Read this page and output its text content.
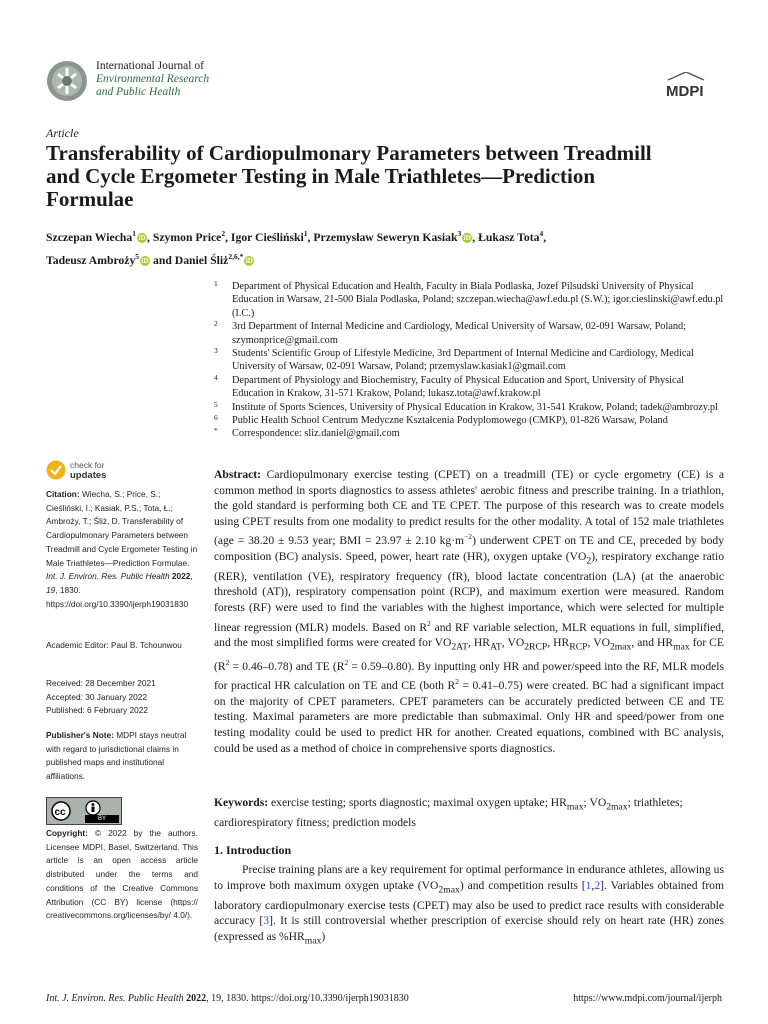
International Journal of
Environmental Research
and Public Health	MDPI
Article
Transferability of Cardiopulmonary Parameters between Treadmill and Cycle Ergometer Testing in Male Triathletes—Prediction Formulae
Szczepan Wiecha$^1$ iD , Szymon Price$^2$, Igor Cieśliński$^1$, Przemysław Seweryn Kasiak$^3$ iD , Łukasz Tota$^4$,
Tadeusz Ambroży$^5$ iD and Daniel Śliż$^{2,6,*}$ iD
1 Department of Physical Education and Health, Faculty in Biala Podlaska, Jozef Pilsudski University of Physical Education in Warsaw, 21-500 Biala Podlaska, Poland; szczepan.wiecha@awf.edu.pl (S.W.); igor.cieslinski@awf.edu.pl (I.C.)
2 3rd Department of Internal Medicine and Cardiology, Medical University of Warsaw, 02-091 Warsaw, Poland; szymonprice@gmail.com
3 Students' Scientific Group of Lifestyle Medicine, 3rd Department of Internal Medicine and Cardiology, Medical University of Warsaw, 02-091 Warsaw, Poland; przemyslaw.kasiak1@gmail.com
4 Department of Physiology and Biochemistry, Faculty of Physical Education and Sport, University of Physical Education in Krakow, 31-571 Krakow, Poland; lukasz.tota@awf.krakow.pl
5 Institute of Sports Sciences, University of Physical Education in Krakow, 31-541 Krakow, Poland; tadek@ambrozy.pl
6 Public Health School Centrum Medyczne Kształcenia Podyplomowego (CMKP), 01-826 Warsaw, Poland
* Correspondence: sliz.daniel@gmail.com
check for
updates
Citation: Wiecha, S.; Price, S.; Cieśliński, I.; Kasiak, P.S.; Tota, Ł.; Ambroży, T.; Śliż, D. Transferability of Cardiopulmonary Parameters between Treadmill and Cycle Ergometer Testing in Male Triathletes—Prediction Formulae. Int. J. Environ. Res. Public Health 2022, 19, 1830. https://doi.org/10.3390/ijerph19031830
Academic Editor: Paul B. Tchounwou
Received: 28 December 2021
Accepted: 30 January 2022
Published: 6 February 2022
Publisher's Note: MDPI stays neutral with regard to jurisdictional claims in published maps and institutional affiliations.
cc
BY
Copyright: © 2022 by the authors. Licensee MDPI, Basel, Switzerland. This article is an open access article distributed under the terms and conditions of the Creative Commons Attribution (CC BY) license (https:// creativecommons.org/licenses/by/ 4.0/).
Abstract: Cardiopulmonary exercise testing (CPET) on a treadmill (TE) or cycle ergometry (CE) is a common method in sports diagnostics to assess athletes' aerobic fitness and prescribe training. In a triathlon, the gold standard is performing both CE and TE CPET. The purpose of this research was to create models using CPET results from one modality to predict results for the other modality. A total of 152 male triathletes (age = 38.20 ± 9.53 year; BMI = 23.97 ± 2.10 $kg\cdot m^{-2}$) underwent CPET on TE and CE, preceded by body composition (BC) analysis. Speed, power, heart rate (HR), oxygen uptake $(VO_2)$, respiratory exchange ratio (RER), ventilation (VE), respiratory frequency (fR), blood lactate concentration (LA) (at the anaerobic threshold (AT)), respiratory compensation point (RCP), and maximum exertion were measured. Random forests (RF) were used to find the variables with the highest importance, which were selected for multiple linear regression (MLR) models. Based on $R^2$ and RF variable selection, MLR equations in full, simplified, and the most simplified forms were created for $VO_{2AT}$, $HR_{AT}$, $VO_{2RCP}$, $HR_{RCP}$, $VO_{2max}$, and $HR_{max}$ for CE $(R^2 = 0.46-0.78)$ and TE $(R^2 = 0.59-0.80)$. By inputting only HR and power/speed into the RF, MLR models for practical HR calculation on TE and CE (both $R^2 = 0.41-0.75$) were created. BC had a significant impact on the majority of CPET parameters. CPET parameters can be accurately predicted between CE and TE testing. Maximal parameters are more predictable than submaximal. Only HR and speed/power from one testing modality could be used to predict HR for another. Created equations, combined with BC analysis, could be used as a method of choice in comprehensive sports diagnostics.
Keywords: exercise testing; sports diagnostic; maximal oxygen uptake; $HR_{max}$; $VO_{2max}$; triathletes; cardiorespiratory fitness; prediction models
1. Introduction
Precise training plans are a key requirement for optimal performance in endurance athletes, allowing us to improve both maximum oxygen uptake $(VO_{2max})$ and competition results [1,2]. Variables obtained from laboratory cardiopulmonary exercise tests (CPET) may also be used to predict race results with considerable accuracy [3]. It is still controversial whether prescription of exercise should rely on heart rate (HR) zones (expressed as $\%HR_{max}$)
Int. J. Environ. Res. Public Health 2022, 19, 1830. https://doi.org/10.3390/ijerph19031830	https://www.mdpi.com/journal/ijerph
